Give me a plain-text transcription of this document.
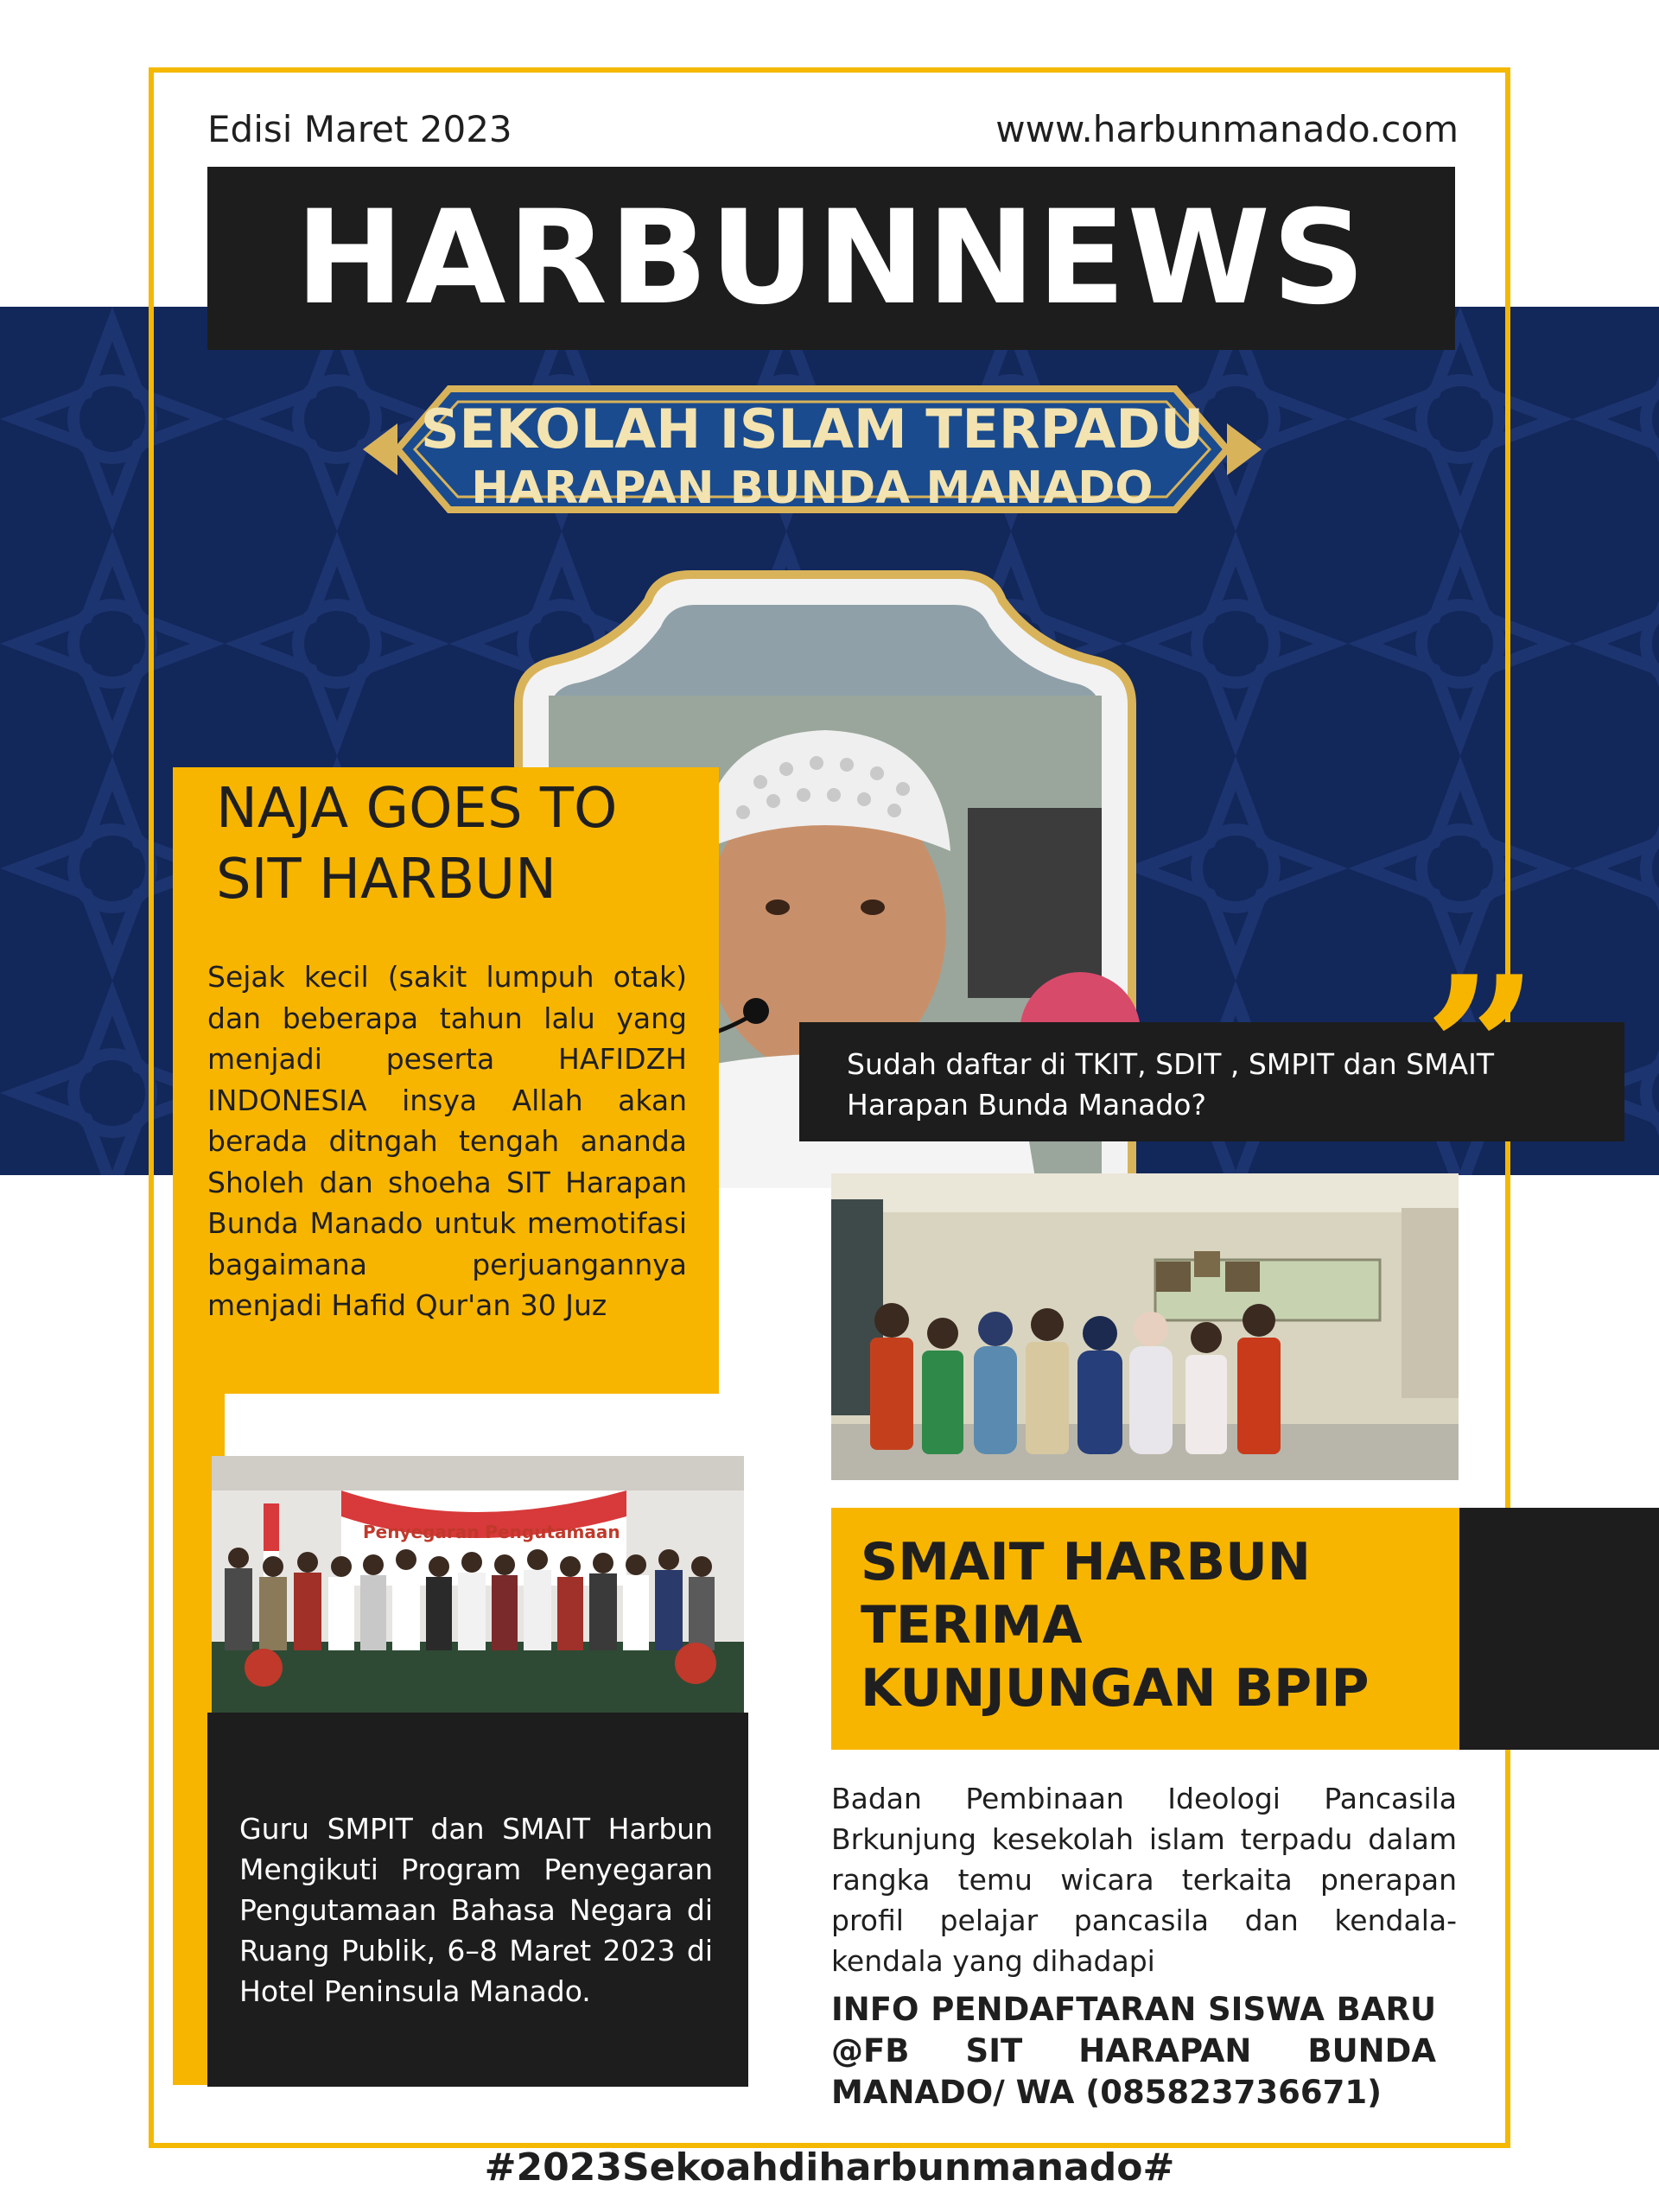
Edisi Maret 2023	www.harbunmanado.com
HARBUNNEWS
SEKOLAH ISLAM TERPADU
HARAPAN BUNDA MANADO
NAJA GOES TO
SIT HARBUN
Sejak kecil (sakit lumpuh otak) dan beberapa tahun lalu yang menjadi peserta HAFIDZH INDONESIA insya Allah akan berada ditngah tengah ananda Sholeh dan shoeha SIT Harapan Bunda Manado untuk memotifasi bagaimana perjuangannya menjadi Hafid Qur'an 30 Juz
”
Sudah daftar di TKIT, SDIT , SMPIT dan SMAIT Harapan Bunda Manado?
SMAIT HARBUN
TERIMA
KUNJUNGAN BPIP
Badan Pembinaan Ideologi Pancasila Brkunjung kesekolah islam terpadu dalam rangka temu wicara terkaita pnerapan profil pelajar pancasila dan kendala-kendala yang dihadapi
INFO PENDAFTARAN SISWA BARU @FB SIT HARAPAN BUNDA MANADO/ WA (085823736671)
Penyegaran Pengutamaan
Guru SMPIT dan SMAIT Harbun Mengikuti Program Penyegaran Pengutamaan Bahasa Negara di Ruang Publik, 6–8 Maret 2023 di Hotel Peninsula Manado.
#2023Sekoahdiharbunmanado#
